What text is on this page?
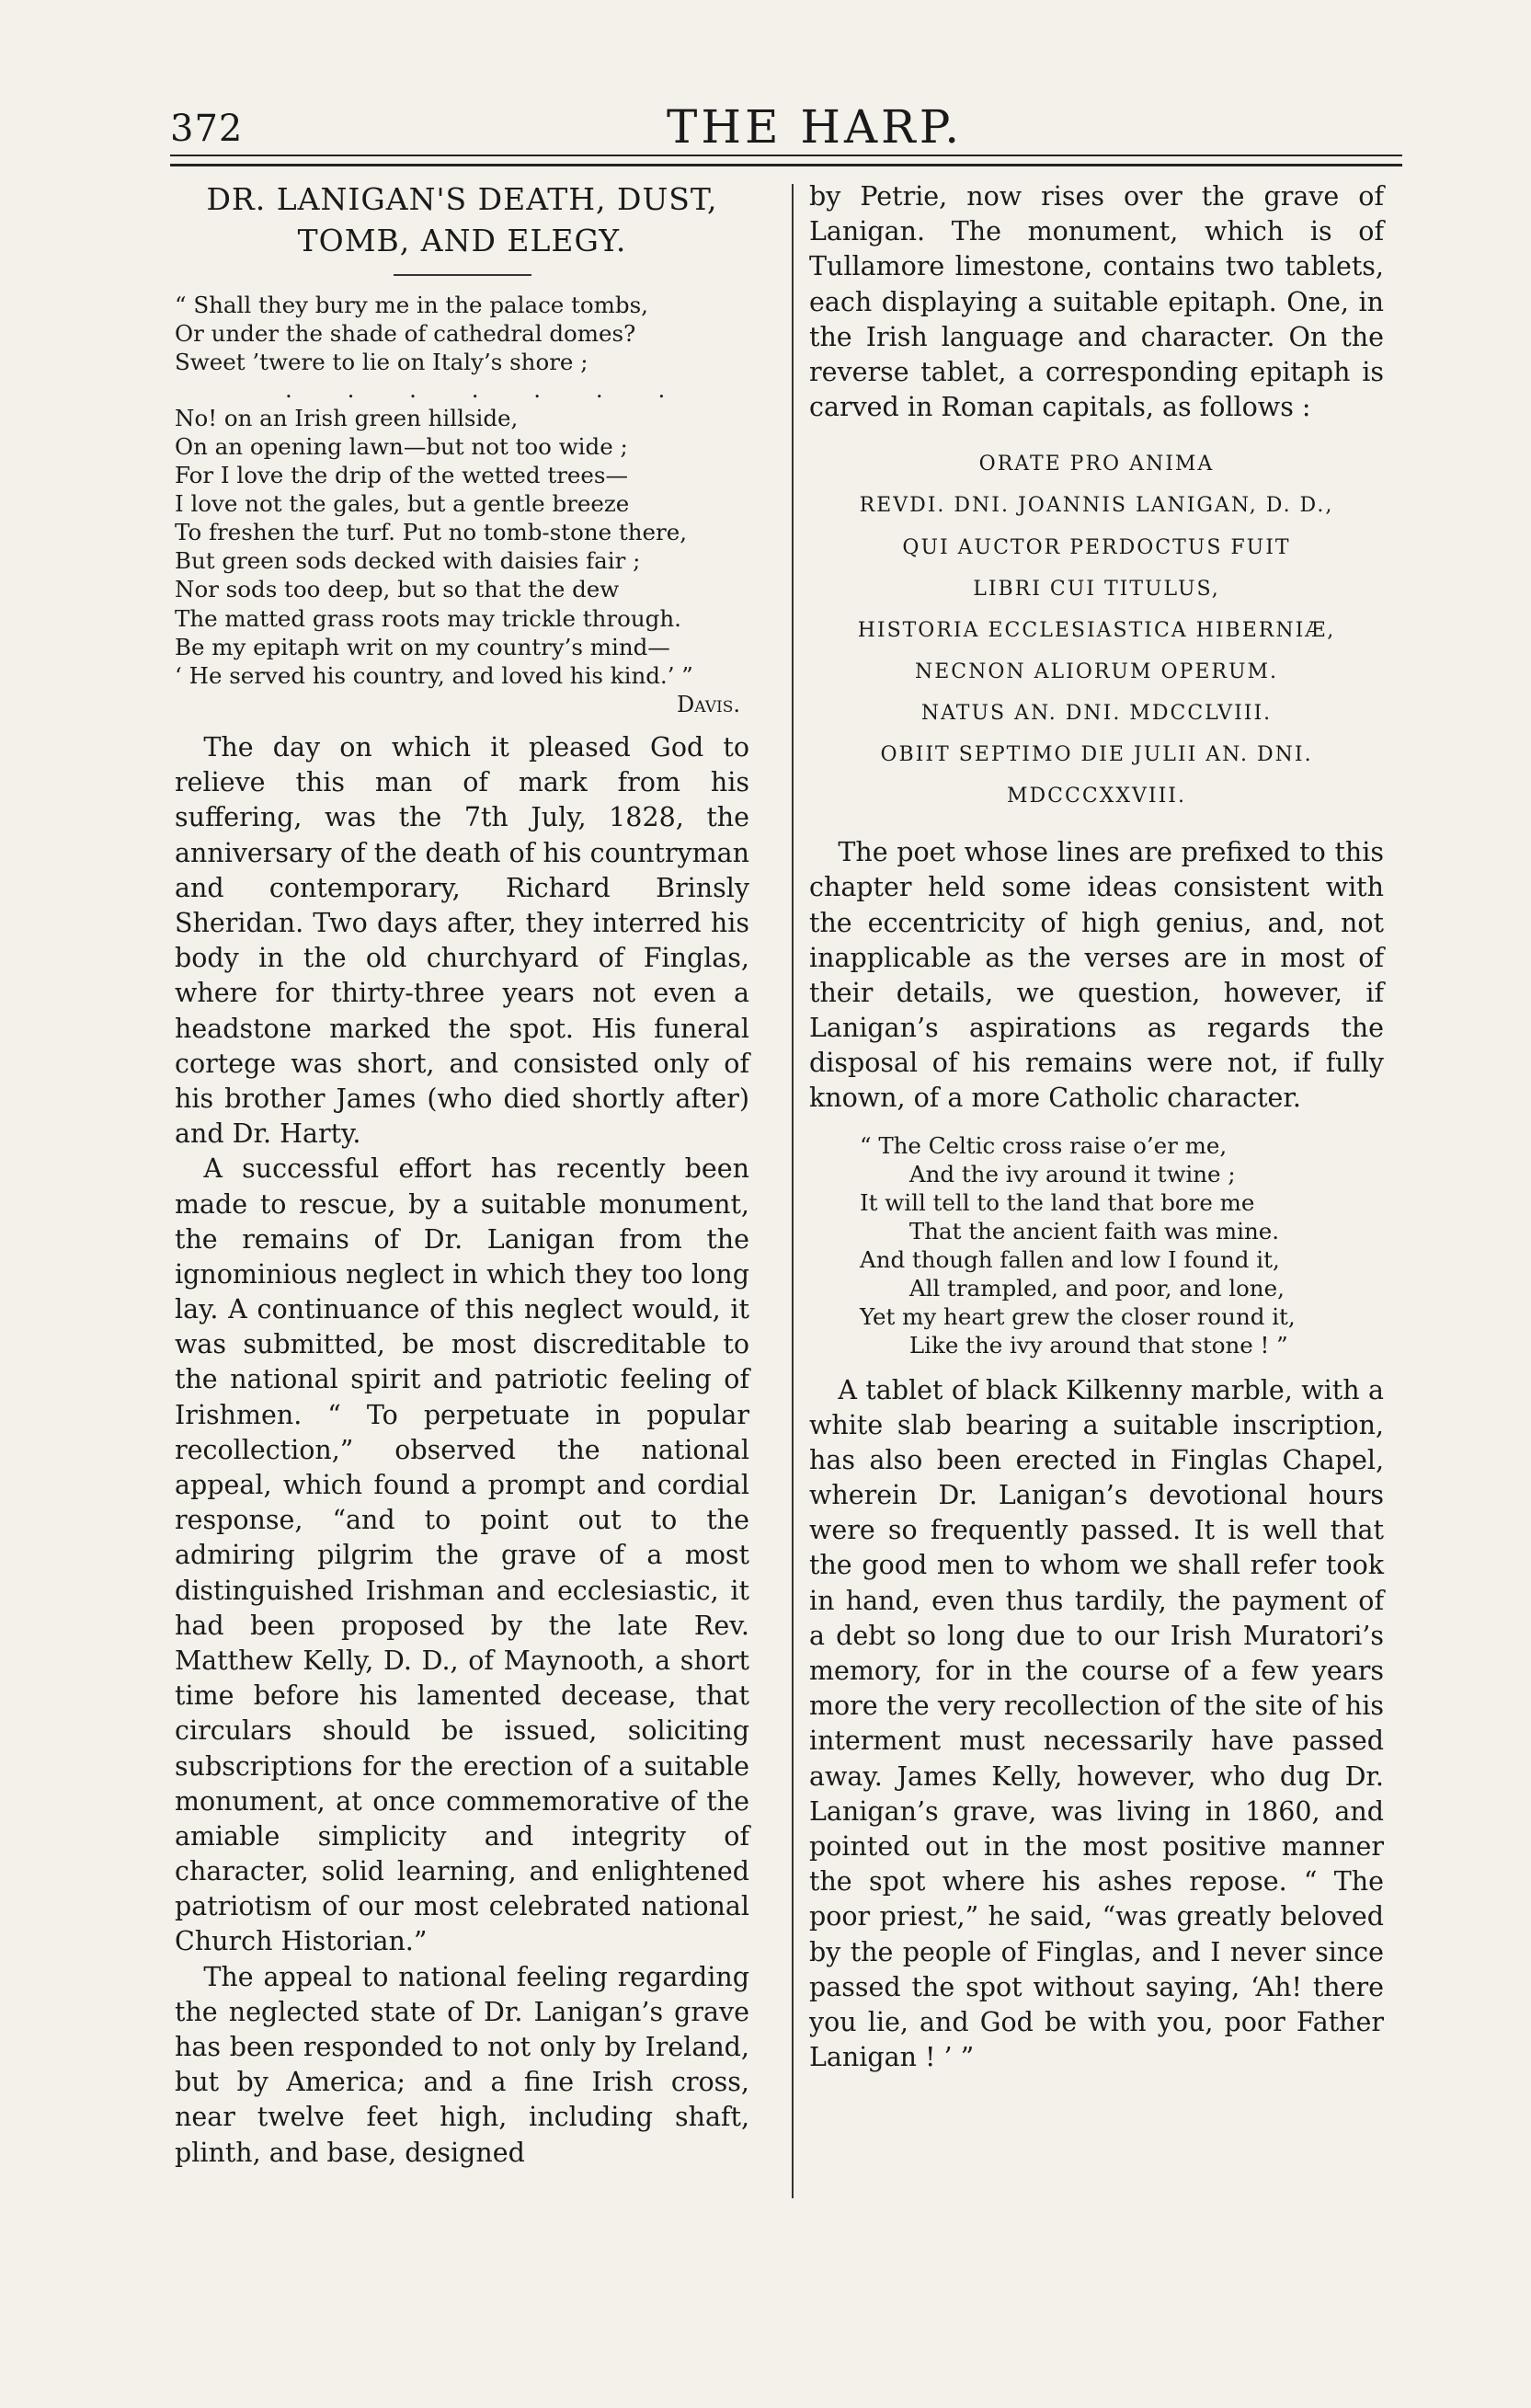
372	THE HARP.
DR. LANIGAN'S DEATH, DUST,
TOMB, AND ELEGY.
“ Shall they bury me in the palace tombs,
Or under the shade of cathedral domes?
Sweet ’twere to lie on Italy’s shore ;
. . . . . . .
No! on an Irish green hillside,
On an opening lawn—but not too wide ;
For I love the drip of the wetted trees—
I love not the gales, but a gentle breeze
To freshen the turf. Put no tomb-stone there,
But green sods decked with daisies fair ;
Nor sods too deep, but so that the dew
The matted grass roots may trickle through.
Be my epitaph writ on my country’s mind—
‘ He served his country, and loved his kind.’ ”
Davis.

The day on which it pleased God to relieve this man of mark from his suffering, was the 7th July, 1828, the anniversary of the death of his countryman and contemporary, Richard Brinsly Sheridan. Two days after, they interred his body in the old churchyard of Finglas, where for thirty-three years not even a headstone marked the spot. His funeral cortege was short, and consisted only of his brother James (who died shortly after) and Dr. Harty.

A successful effort has recently been made to rescue, by a suitable monument, the remains of Dr. Lanigan from the ignominious neglect in which they too long lay. A continuance of this neglect would, it was submitted, be most discreditable to the national spirit and patriotic feeling of Irishmen. “ To perpetuate in popular recollection,” observed the national appeal, which found a prompt and cordial response, “and to point out to the admiring pilgrim the grave of a most distinguished Irishman and ecclesiastic, it had been proposed by the late Rev. Matthew Kelly, D. D., of Maynooth, a short time before his lamented decease, that circulars should be issued, soliciting subscriptions for the erection of a suitable monument, at once commemorative of the amiable simplicity and integrity of character, solid learning, and enlightened patriotism of our most celebrated national Church Historian.”

The appeal to national feeling regarding the neglected state of Dr. Lanigan’s grave has been responded to not only by Ireland, but by America; and a fine Irish cross, near twelve feet high, including shaft, plinth, and base, designed

by Petrie, now rises over the grave of Lanigan. The monument, which is of Tullamore limestone, contains two tablets, each displaying a suitable epitaph. One, in the Irish language and character. On the reverse tablet, a corresponding epitaph is carved in Roman capitals, as follows :

ORATE PRO ANIMA
REVDI. DNI. JOANNIS LANIGAN, D. D.,
QUI AUCTOR PERDOCTUS FUIT
LIBRI CUI TITULUS,
HISTORIA ECCLESIASTICA HIBERNIÆ,
NECNON ALIORUM OPERUM.
NATUS AN. DNI. MDCCLVIII.
OBIIT SEPTIMO DIE JULII AN. DNI.
MDCCCXXVIII.

The poet whose lines are prefixed to this chapter held some ideas consistent with the eccentricity of high genius, and, not inapplicable as the verses are in most of their details, we question, however, if Lanigan’s aspirations as regards the disposal of his remains were not, if fully known, of a more Catholic character.

“ The Celtic cross raise o’er me,
And the ivy around it twine ;
It will tell to the land that bore me
That the ancient faith was mine.
And though fallen and low I found it,
All trampled, and poor, and lone,
Yet my heart grew the closer round it,
Like the ivy around that stone ! ”

A tablet of black Kilkenny marble, with a white slab bearing a suitable inscription, has also been erected in Finglas Chapel, wherein Dr. Lanigan’s devotional hours were so frequently passed. It is well that the good men to whom we shall refer took in hand, even thus tardily, the payment of a debt so long due to our Irish Muratori’s memory, for in the course of a few years more the very recollection of the site of his interment must necessarily have passed away. James Kelly, however, who dug Dr. Lanigan’s grave, was living in 1860, and pointed out in the most positive manner the spot where his ashes repose. “ The poor priest,” he said, “was greatly beloved by the people of Finglas, and I never since passed the spot without saying, ‘Ah! there you lie, and God be with you, poor Father Lanigan ! ’ ”
